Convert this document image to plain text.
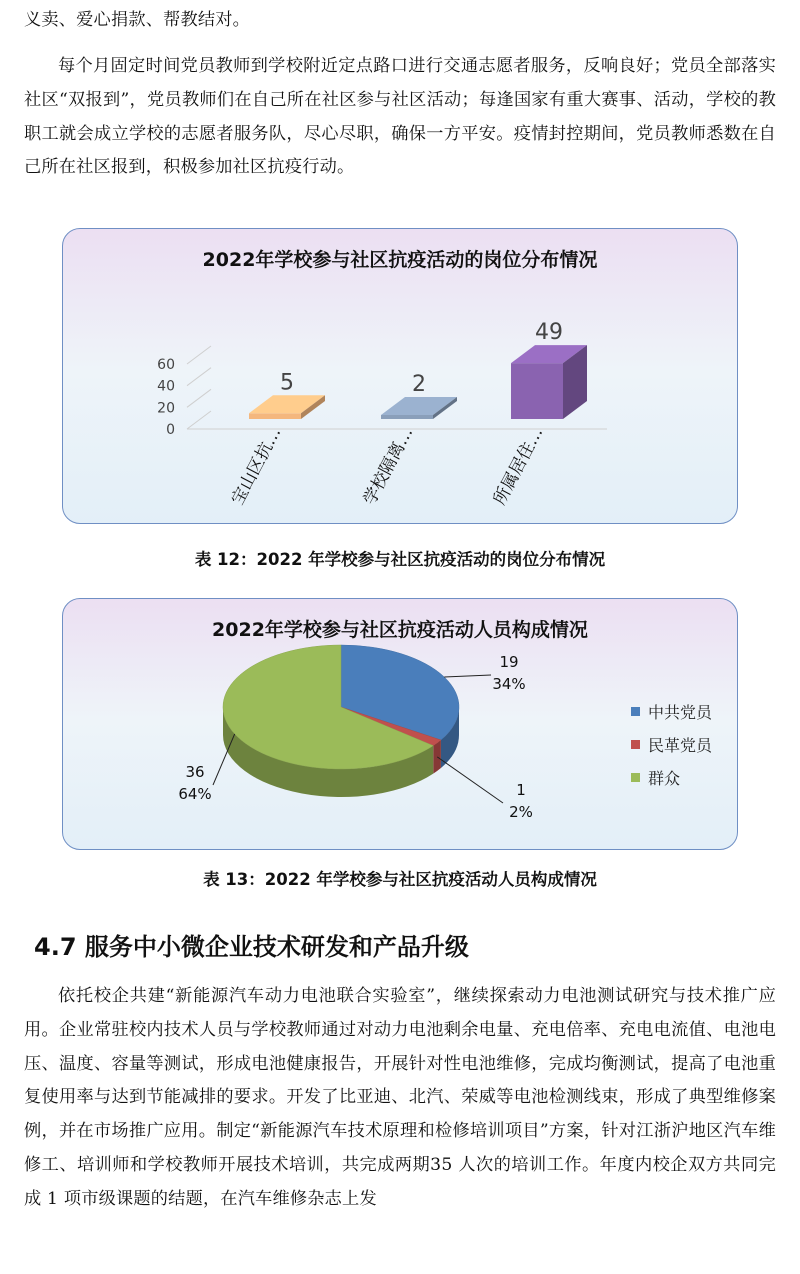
义卖、爱心捐款、帮教结对。

每个月固定时间党员教师到学校附近定点路口进行交通志愿者服务，反响良好；党员全部落实社区“双报到”，党员教师们在自己所在社区参与社区活动；每逢国家有重大赛事、活动，学校的教职工就会成立学校的志愿者服务队，尽心尽职，确保一方平安。疫情封控期间，党员教师悉数在自己所在社区报到，积极参加社区抗疫行动。

2022年学校参与社区抗疫活动的岗位分布情况
0
20
40
60
5
宝山区抗…
2
学校隔离…
49
所属居住…
表 12：2022 年学校参与社区抗疫活动的岗位分布情况
2022年学校参与社区抗疫活动人员构成情况
19
34%
1
2%
36
64%
中共党员
民革党员
群众
表 13：2022 年学校参与社区抗疫活动人员构成情况
4.7 服务中小微企业技术研发和产品升级

依托校企共建“新能源汽车动力电池联合实验室”，继续探索动力电池测试研究与技术推广应用。企业常驻校内技术人员与学校教师通过对动力电池剩余电量、充电倍率、充电电流值、电池电压、温度、容量等测试，形成电池健康报告，开展针对性电池维修，完成均衡测试，提高了电池重复使用率与达到节能减排的要求。开发了比亚迪、北汽、荣威等电池检测线束，形成了典型维修案例，并在市场推广应用。制定“新能源汽车技术原理和检修培训项目”方案，针对江浙沪地区汽车维修工、培训师和学校教师开展技术培训，共完成两期35 人次的培训工作。年度内校企双方共同完成 1 项市级课题的结题，在汽车维修杂志上发
